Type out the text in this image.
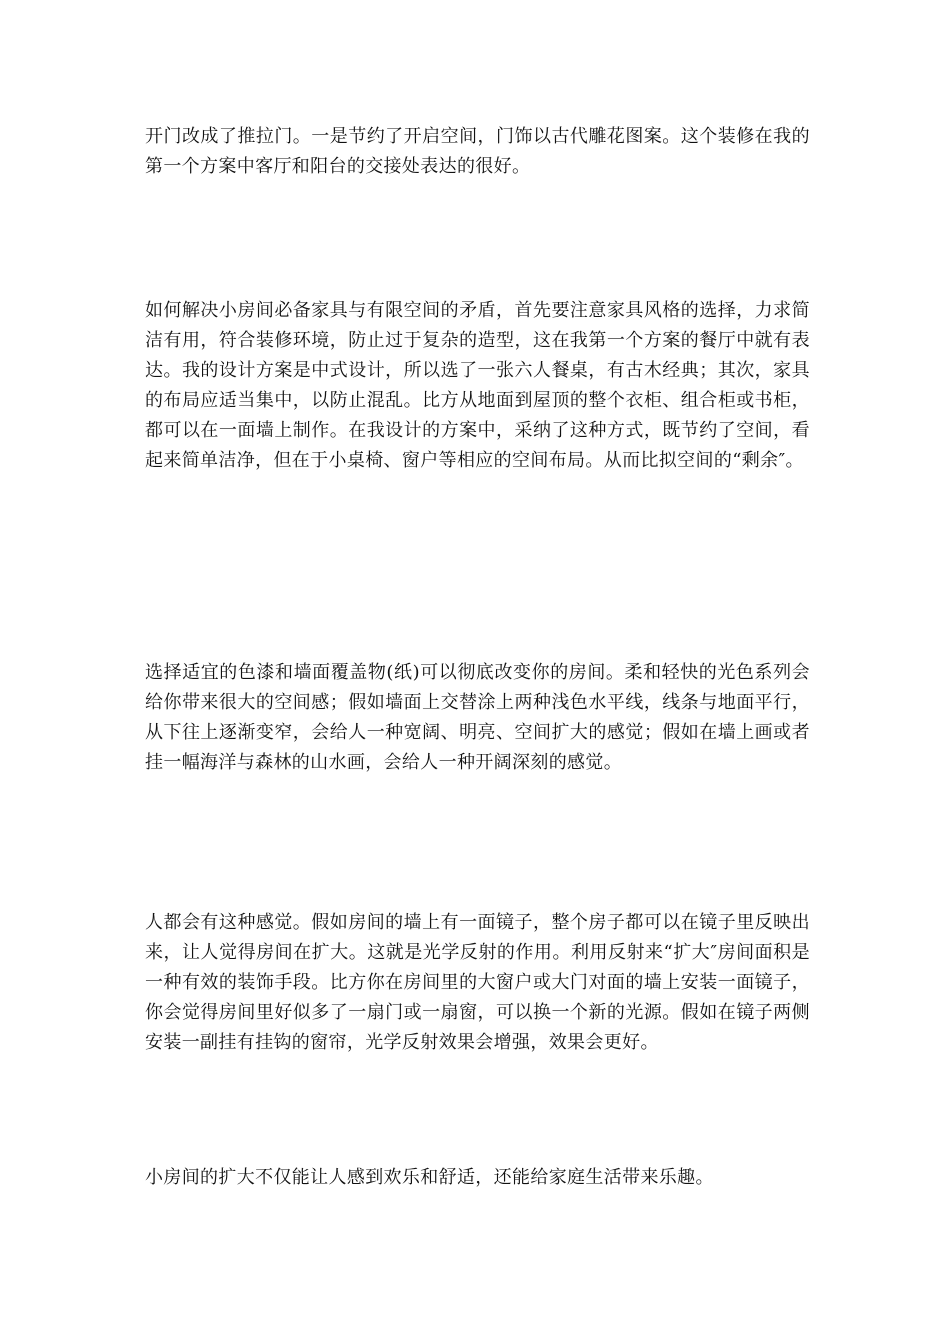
开门改成了推拉门。一是节约了开启空间，门饰以古代雕花图案。这个装修在我的第一个方案中客厅和阳台的交接处表达的很好。

如何解决小房间必备家具与有限空间的矛盾，首先要注意家具风格的选择，力求简洁有用，符合装修环境，防止过于复杂的造型，这在我第一个方案的餐厅中就有表达。我的设计方案是中式设计，所以选了一张六人餐桌，有古木经典；其次，家具的布局应适当集中，以防止混乱。比方从地面到屋顶的整个衣柜、组合柜或书柜，都可以在一面墙上制作。在我设计的方案中，采纳了这种方式，既节约了空间，看起来简单洁净，但在于小桌椅、窗户等相应的空间布局。从而比拟空间的“剩余″。

选择适宜的色漆和墙面覆盖物(纸)可以彻底改变你的房间。柔和轻快的光色系列会给你带来很大的空间感；假如墙面上交替涂上两种浅色水平线，线条与地面平行，从下往上逐渐变窄，会给人一种宽阔、明亮、空间扩大的感觉；假如在墙上画或者挂一幅海洋与森林的山水画，会给人一种开阔深刻的感觉。

人都会有这种感觉。假如房间的墙上有一面镜子，整个房子都可以在镜子里反映出来，让人觉得房间在扩大。这就是光学反射的作用。利用反射来“扩大″房间面积是一种有效的装饰手段。比方你在房间里的大窗户或大门对面的墙上安装一面镜子，你会觉得房间里好似多了一扇门或一扇窗，可以换一个新的光源。假如在镜子两侧安装一副挂有挂钩的窗帘，光学反射效果会增强，效果会更好。

小房间的扩大不仅能让人感到欢乐和舒适，还能给家庭生活带来乐趣。
